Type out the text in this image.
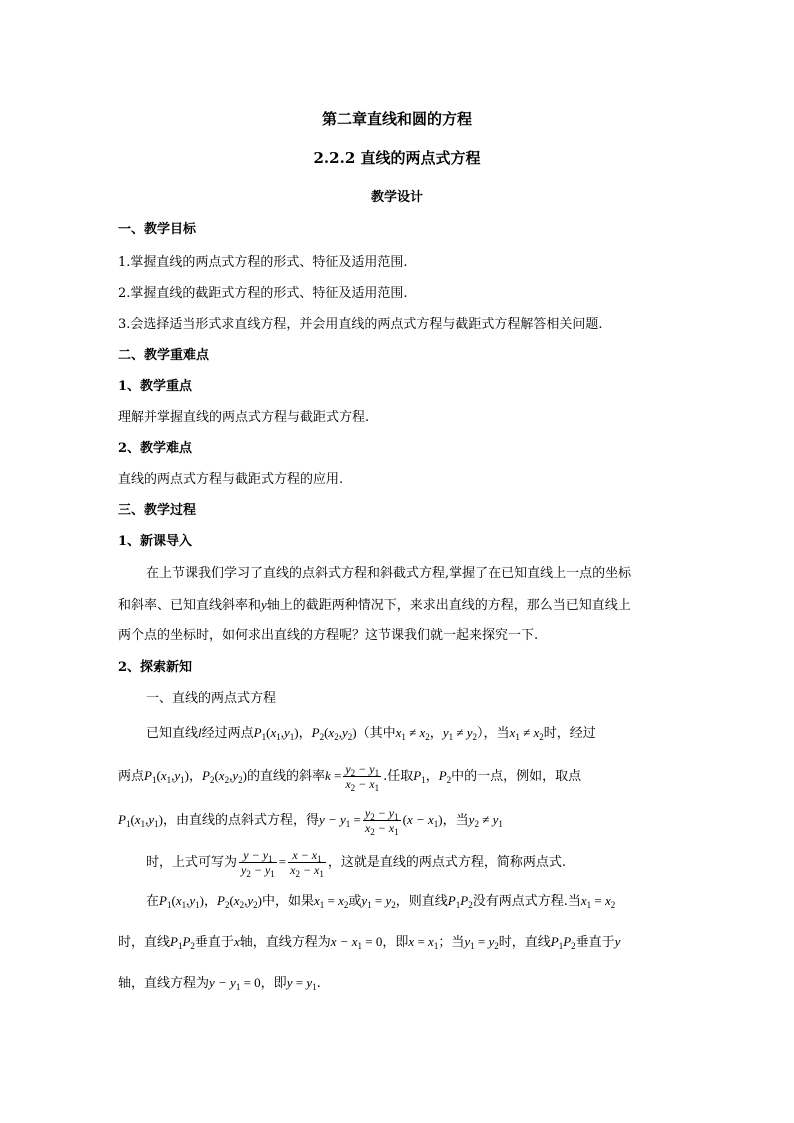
第二章直线和圆的方程
2.2.2 直线的两点式方程
教学设计
一、教学目标
1.掌握直线的两点式方程的形式、特征及适用范围.
2.掌握直线的截距式方程的形式、特征及适用范围.
3.会选择适当形式求直线方程，并会用直线的两点式方程与截距式方程解答相关问题.
二、教学重难点
1、教学重点
理解并掌握直线的两点式方程与截距式方程.
2、教学难点
直线的两点式方程与截距式方程的应用.
三、教学过程
1、新课导入
在上节课我们学习了直线的点斜式方程和斜截式方程,掌握了在已知直线上一点的坐标
和斜率、已知直线斜率和y轴上的截距两种情况下，来求出直线的方程，那么当已知直线上
两个点的坐标时，如何求出直线的方程呢？这节课我们就一起来探究一下.
2、探索新知
一、直线的两点式方程
已知直线l经过两点$P_1(x_1,y_1)$，$P_2(x_2,y_2)$（其中$x_1 \ne x_2$，$y_1 \ne y_2$），当$x_1 \ne x_2$时，经过
两点$P_1(x_1,y_1)$，$P_2(x_2,y_2)$的直线的斜率$k = \frac{y_2 - y_1}{x_2 - x_1}$ .任取$P_1$，$P_2$中的一点，例如，取点
$P_1(x_1,y_1)$，由直线的点斜式方程，得$y - y_1 = \frac{y_2 - y_1}{x_2 - x_1} (x - x_1)$，当$y_2 \ne y_1$
时，上式可写为 $\frac{y - y_1}{y_2 - y_1} = \frac{x - x_1}{x_2 - x_1}$ ，这就是直线的两点式方程，简称两点式.
在$P_1(x_1,y_1)$，$P_2(x_2,y_2)$中，如果$x_1 = x_2$或$y_1 = y_2$，则直线$P_1P_2$没有两点式方程.当$x_1 = x_2$
时，直线$P_1P_2$垂直于x轴，直线方程为$x - x_1 = 0$，即$x = x_1$；当$y_1 = y_2$时，直线$P_1P_2$垂直于y
轴，直线方程为$y - y_1 = 0$，即$y = y_1$.
